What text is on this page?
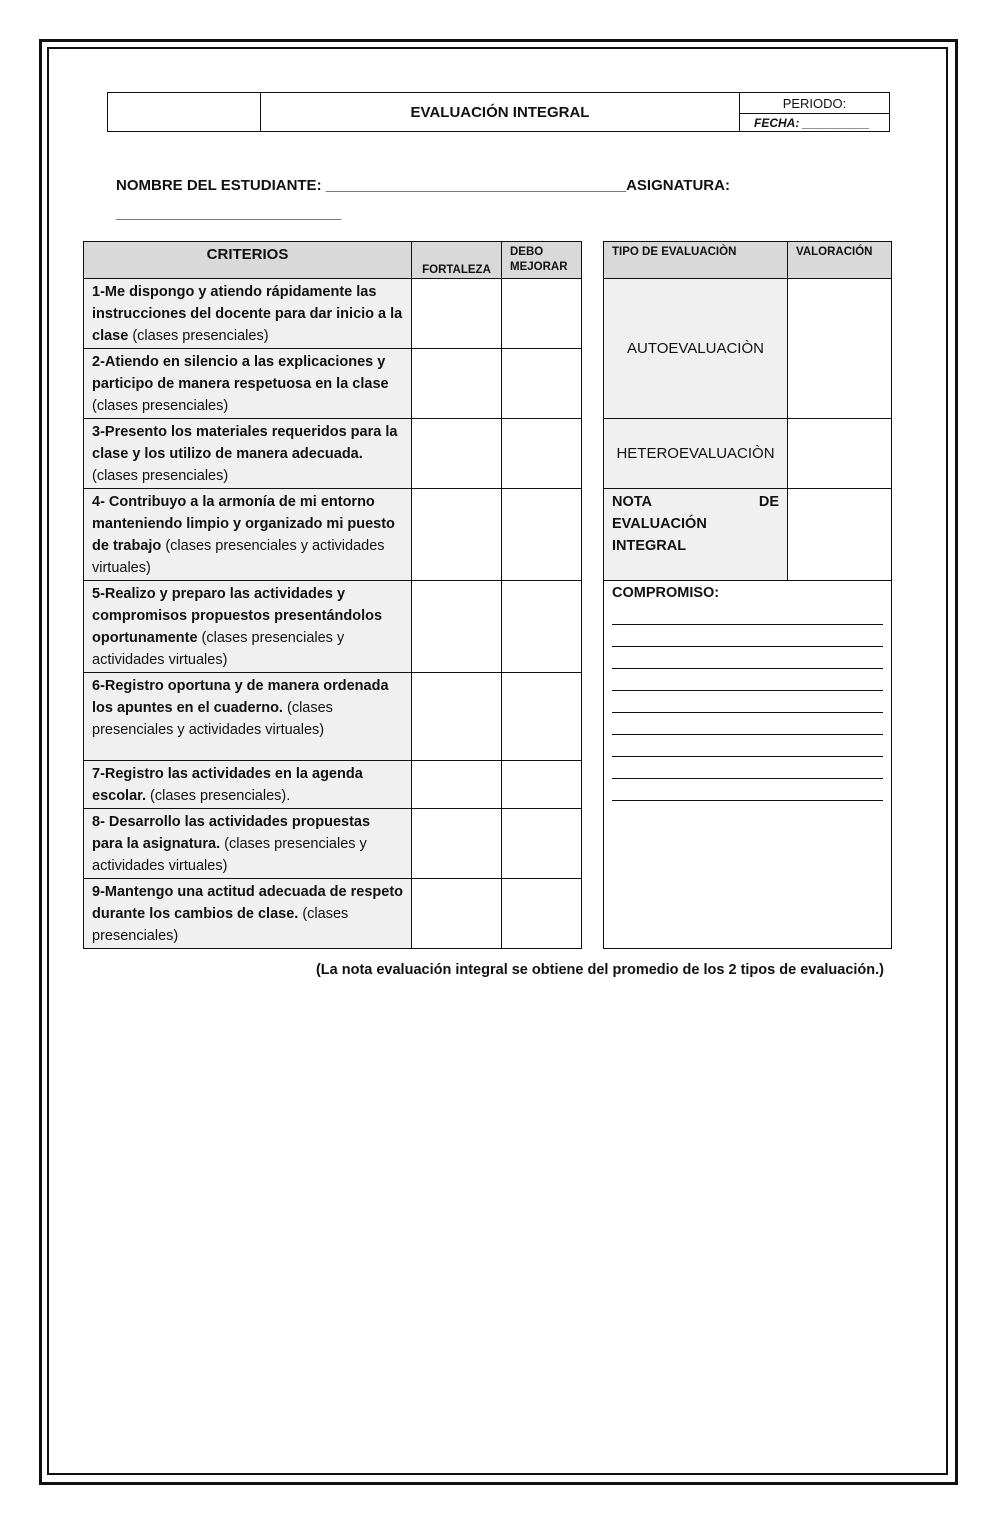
EVALUACIÓN INTEGRAL
PERIODO:
FECHA: __________
NOMBRE DEL ESTUDIANTE: ____________________________________ASIGNATURA:
___________________________
CRITERIOS	FORTALEZA	DEBO MEJORAR		TIPO DE EVALUACIÒN	VALORACIÓN
1-Me dispongo y atiendo rápidamente las instrucciones del docente para dar inicio a la clase (clases presenciales)				AUTOEVALUACIÒN	
2-Atiendo en silencio a las explicaciones y participo de manera respetuosa en la clase (clases presenciales)					
3-Presento los materiales requeridos para la clase y los utilizo de manera adecuada. (clases presenciales)				HETEROEVALUACIÒN	
4- Contribuyo a la armonía de mi entorno manteniendo limpio y organizado mi puesto de trabajo (clases presenciales y actividades virtuales)				NOTA DE
EVALUACIÓN INTEGRAL	
5-Realizo y preparo las actividades y compromisos propuestos presentándolos oportunamente (clases presenciales y actividades virtuales)				COMPROMISO:	

6-Registro oportuna y de manera ordenada los apuntes en el cuaderno. (clases presenciales y actividades virtuales)					
7-Registro las actividades en la agenda escolar. (clases presenciales).					
8- Desarrollo las actividades propuestas para la asignatura. (clases presenciales y actividades virtuales)					
9-Mantengo una actitud adecuada de respeto durante los cambios de clase. (clases presenciales)					
(La nota evaluación integral se obtiene del promedio de los 2 tipos de evaluación.)
